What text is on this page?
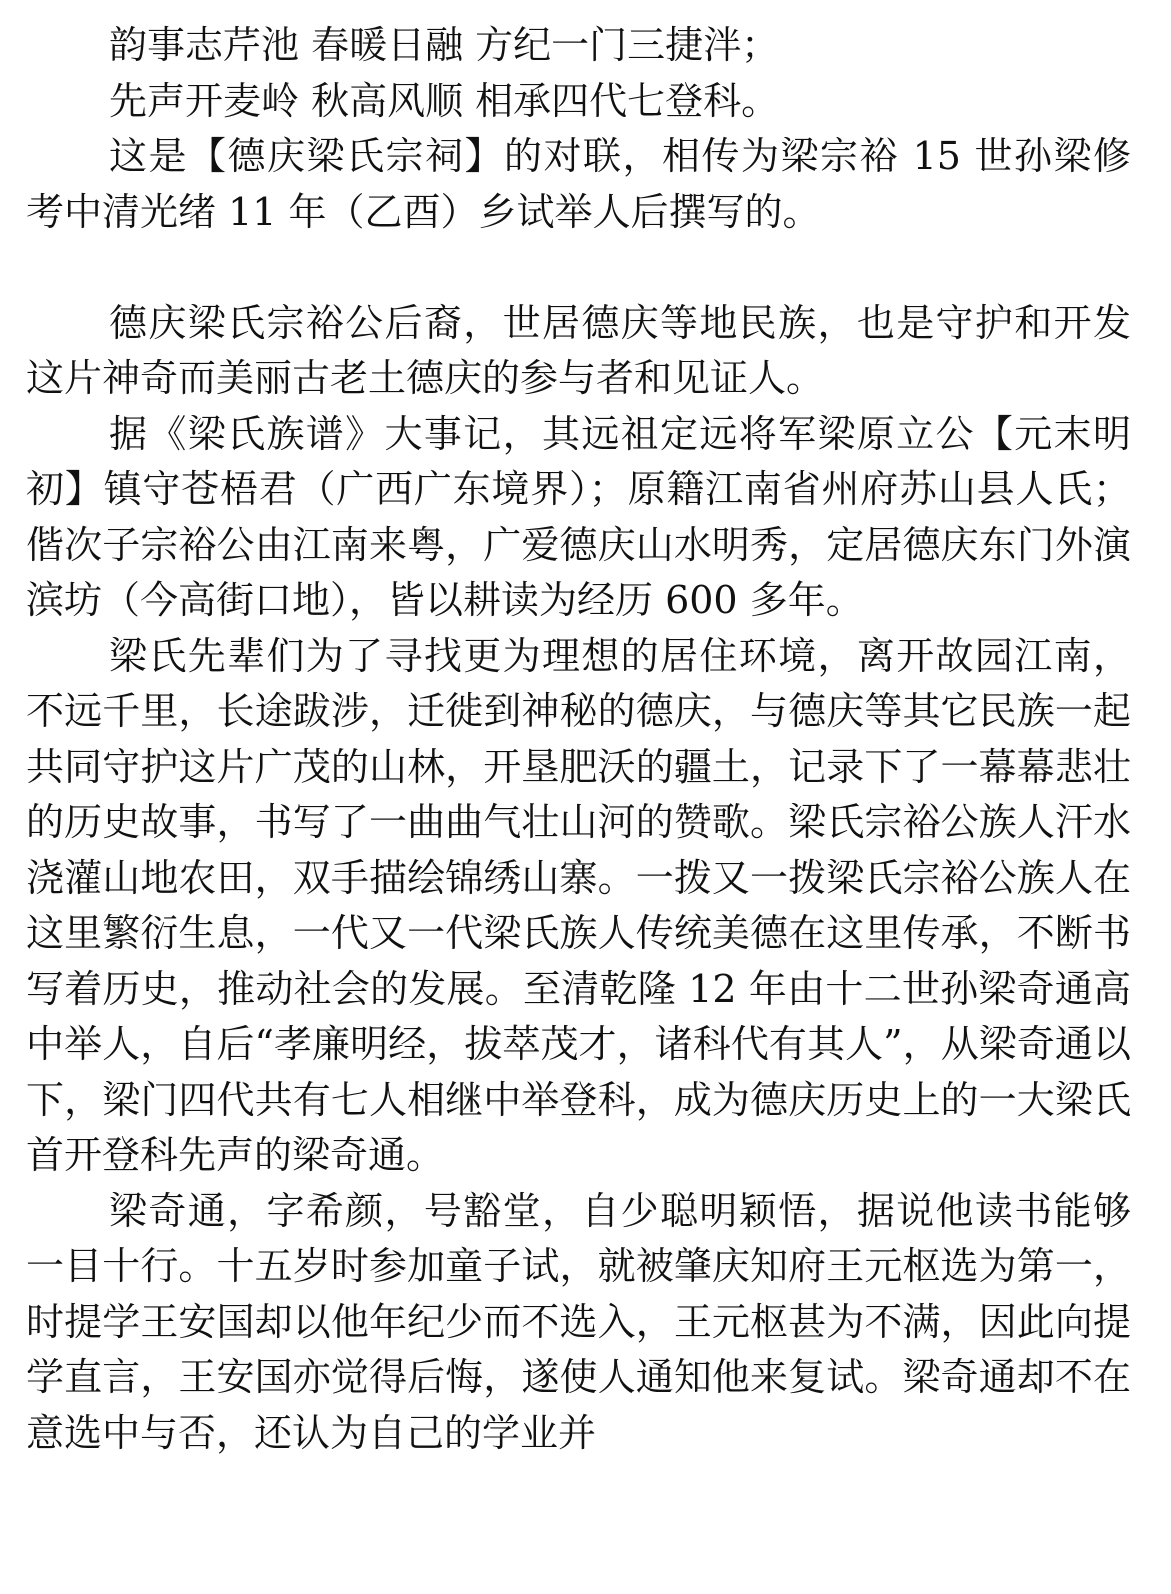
韵事志芹池 春暖日融 方纪一门三捷泮；

先声开麦岭 秋高风顺 相承四代七登科。

这是【德庆梁氏宗祠】的对联，相传为梁宗裕 15 世孙梁修考中清光绪 11 年（乙酉）乡试举人后撰写的。

德庆梁氏宗裕公后裔，世居德庆等地民族，也是守护和开发这片神奇而美丽古老土德庆的参与者和见证人。

据《梁氏族谱》大事记，其远祖定远将军梁原立公【元末明初】镇守苍梧君（广西广东境界）；原籍江南省州府苏山县人氏；偕次子宗裕公由江南来粤，广爱德庆山水明秀，定居德庆东门外演滨坊（今高街口地），皆以耕读为经历 600 多年。

梁氏先辈们为了寻找更为理想的居住环境，离开故园江南，不远千里，长途跋涉，迁徙到神秘的德庆，与德庆等其它民族一起共同守护这片广茂的山林，开垦肥沃的疆土，记录下了一幕幕悲壮的历史故事，书写了一曲曲气壮山河的赞歌。梁氏宗裕公族人汗水浇灌山地农田，双手描绘锦绣山寨。一拨又一拨梁氏宗裕公族人在这里繁衍生息，一代又一代梁氏族人传统美德在这里传承，不断书写着历史，推动社会的发展。至清乾隆 12 年由十二世孙梁奇通高中举人，自后“孝廉明经，拔萃茂才，诸科代有其人”，从梁奇通以下，梁门四代共有七人相继中举登科，成为德庆历史上的一大梁氏首开登科先声的梁奇通。

梁奇通，字希颜，号豁堂，自少聪明颖悟，据说他读书能够一目十行。十五岁时参加童子试，就被肇庆知府王元枢选为第一，时提学王安国却以他年纪少而不选入，王元枢甚为不满，因此向提学直言，王安国亦觉得后悔，遂使人通知他来复试。梁奇通却不在意选中与否，还认为自己的学业并
